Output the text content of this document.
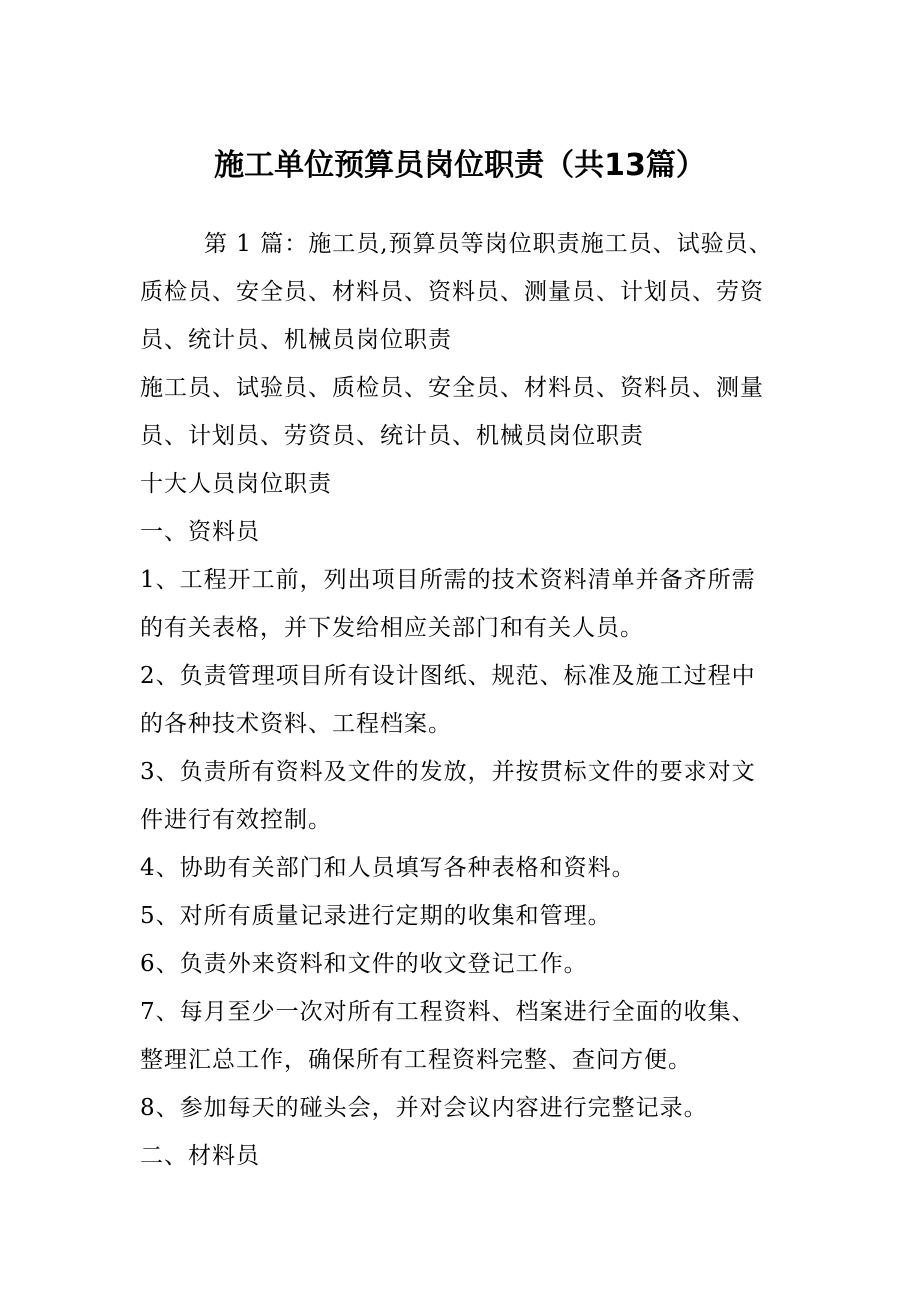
施工单位预算员岗位职责（共13篇）

第 1 篇：施工员,预算员等岗位职责施工员、试验员、

质检员、安全员、材料员、资料员、测量员、计划员、劳资

员、统计员、机械员岗位职责

施工员、试验员、质检员、安全员、材料员、资料员、测量

员、计划员、劳资员、统计员、机械员岗位职责

十大人员岗位职责

一、资料员

1、工程开工前，列出项目所需的技术资料清单并备齐所需

的有关表格，并下发给相应关部门和有关人员。

2、负责管理项目所有设计图纸、规范、标准及施工过程中

的各种技术资料、工程档案。

3、负责所有资料及文件的发放，并按贯标文件的要求对文

件进行有效控制。

4、协助有关部门和人员填写各种表格和资料。

5、对所有质量记录进行定期的收集和管理。

6、负责外来资料和文件的收文登记工作。

7、每月至少一次对所有工程资料、档案进行全面的收集、

整理汇总工作，确保所有工程资料完整、查问方便。

8、参加每天的碰头会，并对会议内容进行完整记录。

二、材料员
